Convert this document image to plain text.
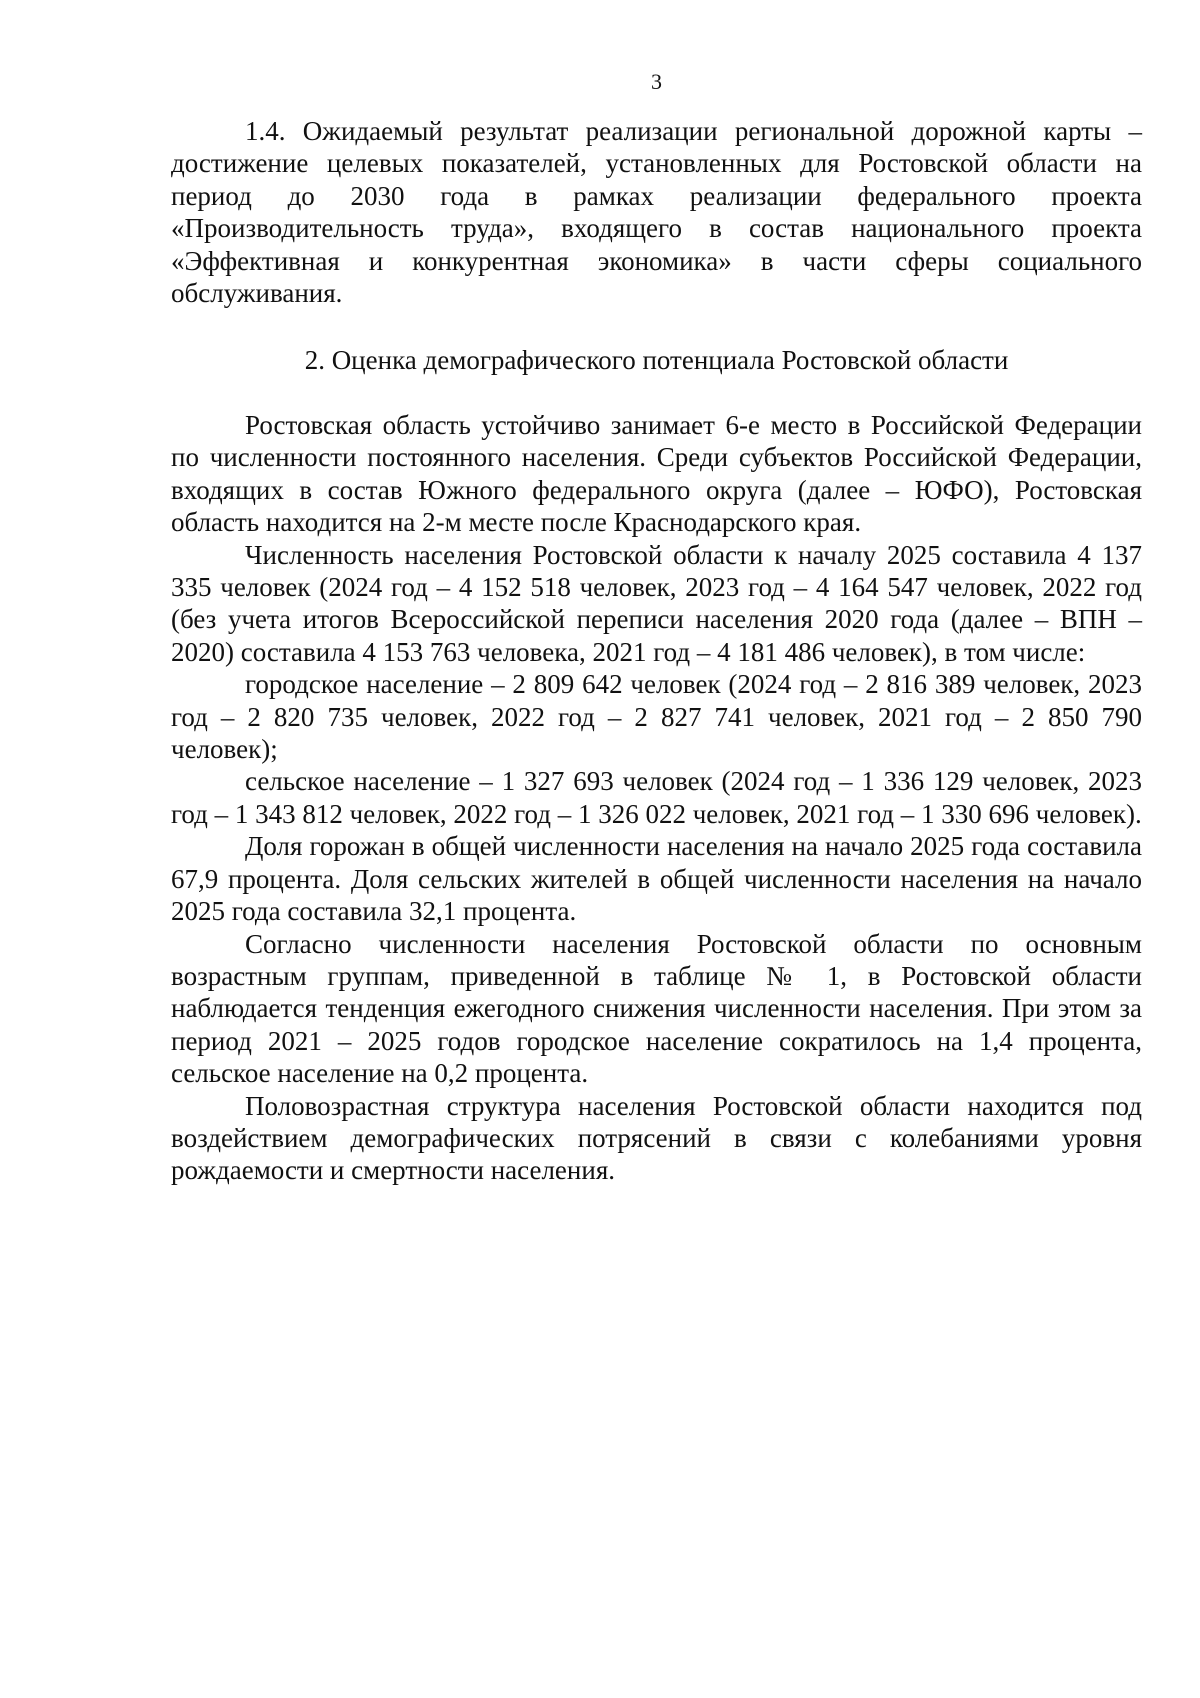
3

1.4. Ожидаемый результат реализации региональной дорожной карты – достижение целевых показателей, установленных для Ростовской области на период до 2030 года в рамках реализации федерального проекта «Производительность труда», входящего в состав национального проекта «Эффективная и конкурентная экономика» в части сферы социального обслуживания.

2. Оценка демографического потенциала Ростовской области

Ростовская область устойчиво занимает 6-е место в Российской Федерации по численности постоянного населения. Среди субъектов Российской Федерации, входящих в состав Южного федерального округа (далее – ЮФО), Ростовская область находится на 2-м месте после Краснодарского края.

Численность населения Ростовской области к началу 2025 составила 4 137 335 человек (2024 год – 4 152 518 человек, 2023 год – 4 164 547 человек, 2022 год (без учета итогов Всероссийской переписи населения 2020 года (далее – ВПН – 2020) составила 4 153 763 человека, 2021 год – 4 181 486 человек), в том числе:

городское население – 2 809 642 человек (2024 год – 2 816 389 человек, 2023 год – 2 820 735 человек, 2022 год – 2 827 741 человек, 2021 год – 2 850 790 человек);

сельское население – 1 327 693 человек (2024 год – 1 336 129 человек, 2023 год – 1 343 812 человек, 2022 год – 1 326 022 человек, 2021 год – 1 330 696 человек).

Доля горожан в общей численности населения на начало 2025 года составила 67,9 процента. Доля сельских жителей в общей численности населения на начало 2025 года составила 32,1 процента.

Согласно численности населения Ростовской области по основным возрастным группам, приведенной в таблице № 1, в Ростовской области наблюдается тенденция ежегодного снижения численности населения. При этом за период 2021 – 2025 годов городское население сократилось на 1,4 процента, сельское население на 0,2 процента.

Половозрастная структура населения Ростовской области находится под воздействием демографических потрясений в связи с колебаниями уровня рождаемости и смертности населения.
